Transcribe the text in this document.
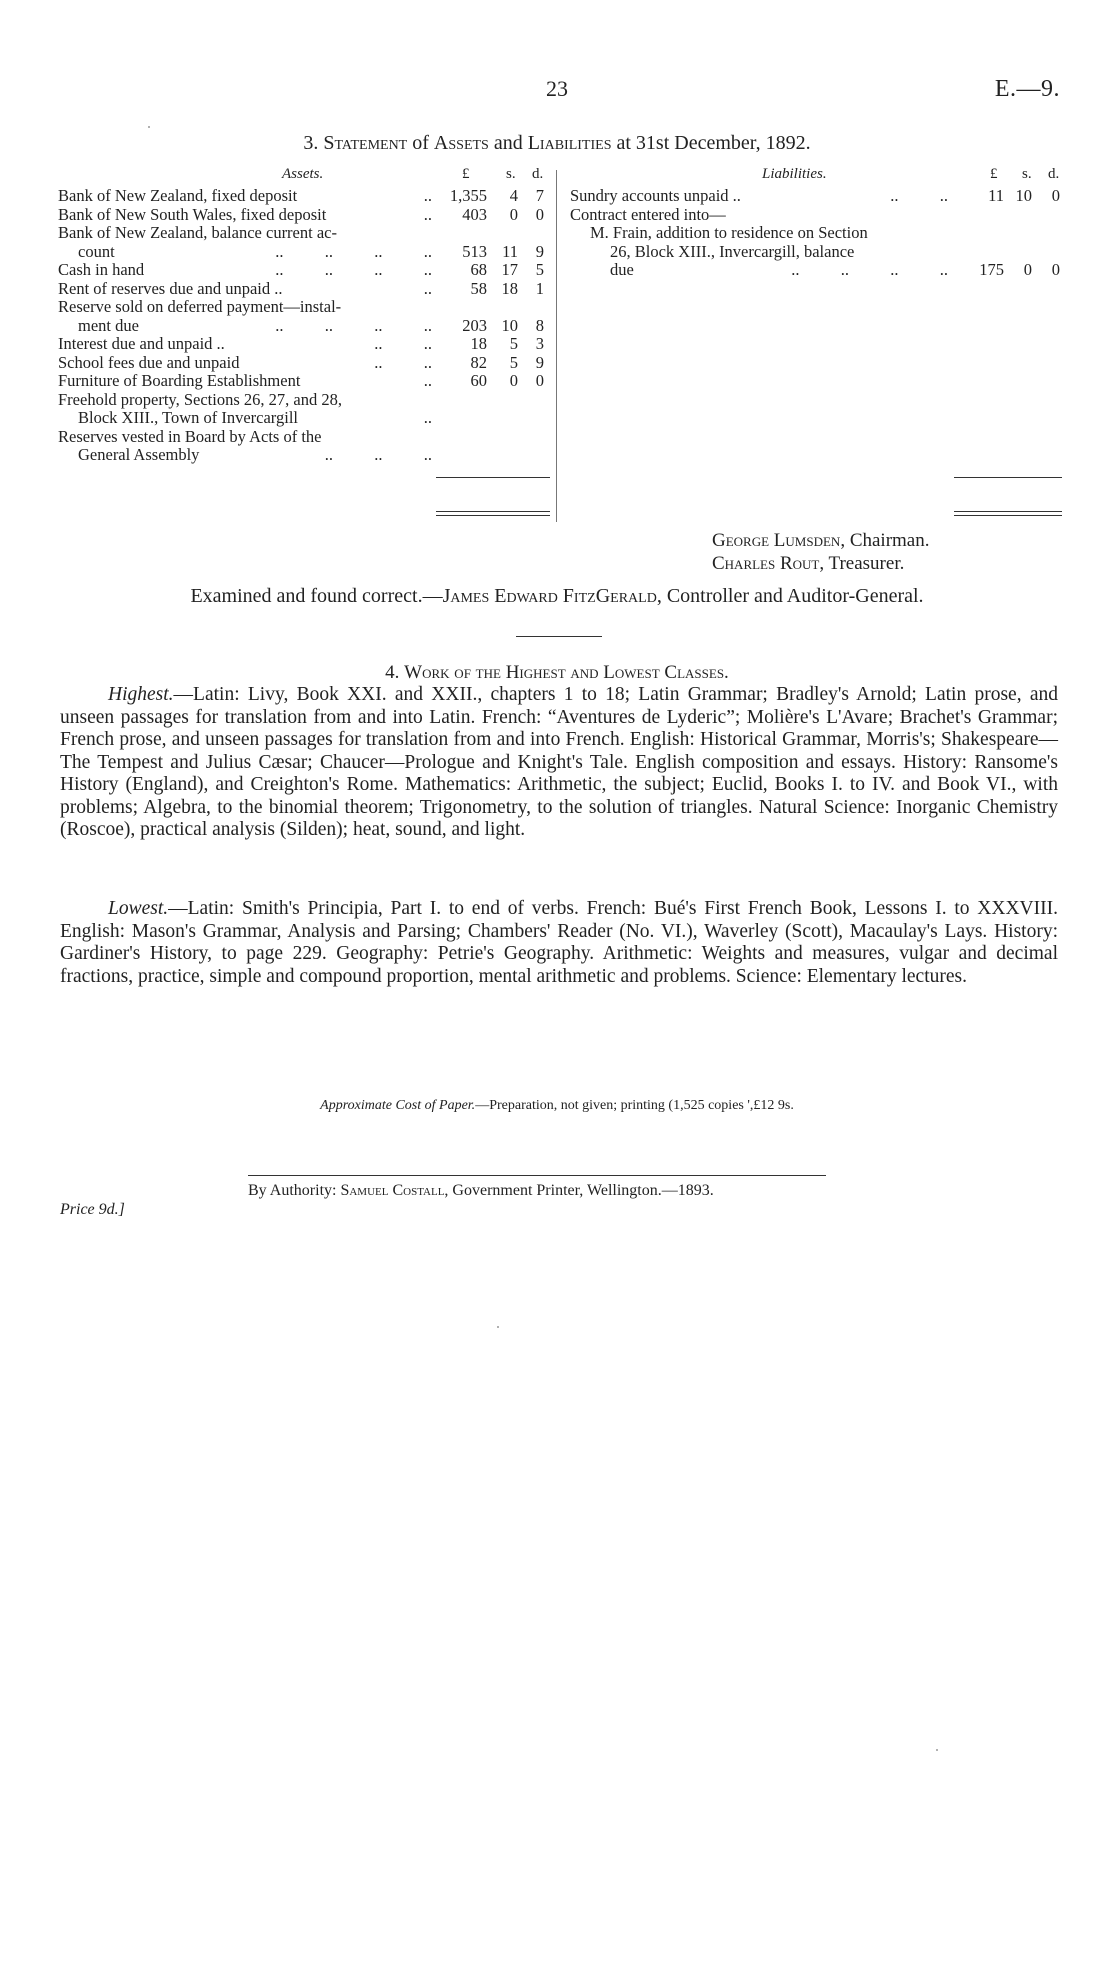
23	E.—9.
3. Statement of Assets and Liabilities at 31st December, 1892.
Assets.	£ s. d.	Liabilities.	£ s. d.
Bank of New Zealand, fixed deposit	.. 1,355 4 7
Bank of New South Wales, fixed deposit	.. 403 0 0
Bank of New Zealand, balance current ac-
count	..          ..          ..          .. 513 11 9
Cash in hand	..          ..          ..          .. 68 17 5
Rent of reserves due and unpaid ..	.. 58 18 1
Reserve sold on deferred payment—instal-
ment due	..          ..          ..          .. 203 10 8
Interest due and unpaid ..	..          .. 18 5 3
School fees due and unpaid	..          .. 82 5 9
Furniture of Boarding Establishment	.. 60 0 0
Freehold property, Sections 26, 27, and 28,
Block XIII., Town of Invercargill	..
Reserves vested in Board by Acts of the
General Assembly	..          ..          ..
Sundry accounts unpaid ..	..          .. 11 10 0
Contract entered into—
M. Frain, addition to residence on Section
26, Block XIII., Invercargill, balance
due	..          ..          ..          .. 175 0 0
George Lumsden, Chairman.
Charles Rout, Treasurer.
Examined and found correct.—James Edward FitzGerald, Controller and Auditor-General.
4. Work of the Highest and Lowest Classes.
Highest.—Latin: Livy, Book XXI. and XXII., chapters 1 to 18; Latin Grammar; Bradley's Arnold; Latin prose, and unseen passages for translation from and into Latin. French: “Aventures de Lyderic”; Molière's L'Avare; Brachet's Grammar; French prose, and unseen passages for translation from and into French. English: Historical Grammar, Morris's; Shakespeare—The Tempest and Julius Cæsar; Chaucer—Prologue and Knight's Tale. English composition and essays. History: Ransome's History (England), and Creighton's Rome. Mathematics: Arithmetic, the subject; Euclid, Books I. to IV. and Book VI., with problems; Algebra, to the binomial theorem; Trigonometry, to the solution of triangles. Natural Science: Inorganic Chemistry (Roscoe), practical analysis (Silden); heat, sound, and light.
Lowest.—Latin: Smith's Principia, Part I. to end of verbs. French: Bué's First French Book, Lessons I. to XXXVIII. English: Mason's Grammar, Analysis and Parsing; Chambers' Reader (No. VI.), Waverley (Scott), Macaulay's Lays. History: Gardiner's History, to page 229. Geography: Petrie's Geography. Arithmetic: Weights and measures, vulgar and decimal fractions, practice, simple and compound proportion, mental arithmetic and problems. Science: Elementary lectures.
Approximate Cost of Paper.—Preparation, not given; printing (1,525 copies ',£12 9s.
By Authority: Samuel Costall, Government Printer, Wellington.—1893.
Price 9d.]
